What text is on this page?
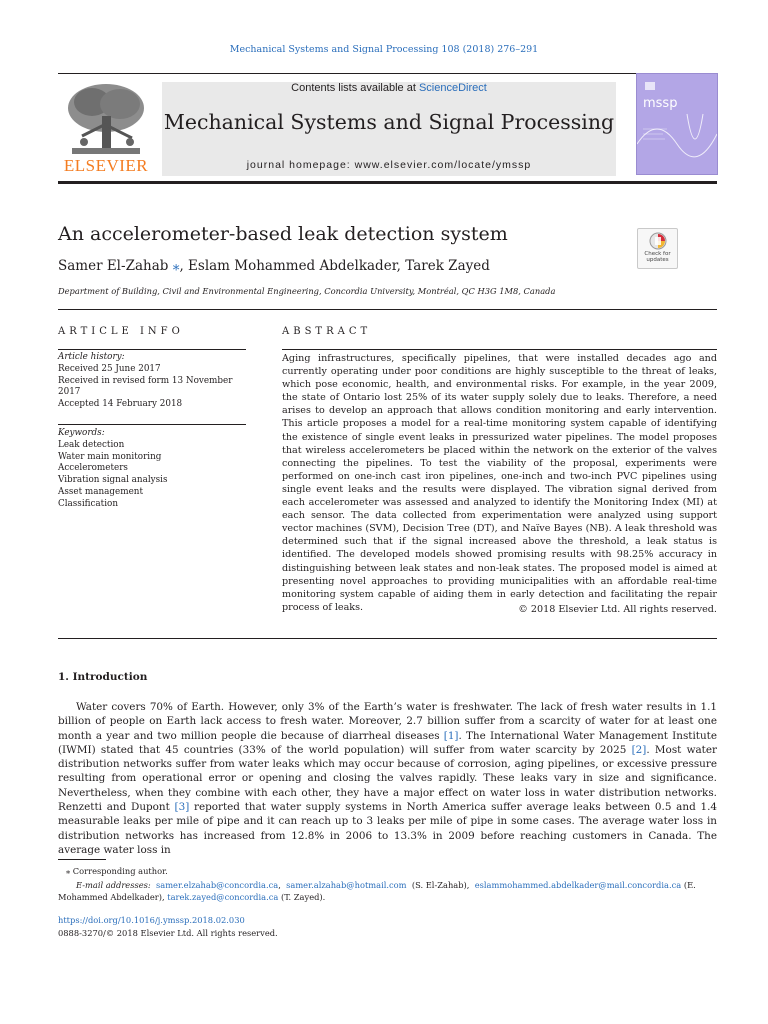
Mechanical Systems and Signal Processing 108 (2018) 276–291
ELSEVIER
Contents lists available at ScienceDirect
Mechanical Systems and Signal Processing
journal homepage: www.elsevier.com/locate/ymssp
mssp
An accelerometer-based leak detection system
Check for updates
Samer El-Zahab ⁎, Eslam Mohammed Abdelkader, Tarek Zayed
Department of Building, Civil and Environmental Engineering, Concordia University, Montréal, QC H3G 1M8, Canada
ARTICLE INFO
Article history:
Received 25 June 2017
Received in revised form 13 November 2017
Accepted 14 February 2018
Keywords:
Leak detection
Water main monitoring
Accelerometers
Vibration signal analysis
Asset management
Classification
ABSTRACT
Aging infrastructures, specifically pipelines, that were installed decades ago and currently operating under poor conditions are highly susceptible to the threat of leaks, which pose economic, health, and environmental risks. For example, in the year 2009, the state of Ontario lost 25% of its water supply solely due to leaks. Therefore, a need arises to develop an approach that allows condition monitoring and early intervention. This article proposes a model for a real-time monitoring system capable of identifying the existence of single event leaks in pressurized water pipelines. The model proposes that wireless accelerometers be placed within the network on the exterior of the valves connecting the pipelines. To test the viability of the proposal, experiments were performed on one-inch cast iron pipelines, one-inch and two-inch PVC pipelines using single event leaks and the results were displayed. The vibration signal derived from each accelerometer was assessed and analyzed to identify the Monitoring Index (MI) at each sensor. The data collected from experimentation were analyzed using support vector machines (SVM), Decision Tree (DT), and Naïve Bayes (NB). A leak threshold was determined such that if the signal increased above the threshold, a leak status is identified. The developed models showed promising results with 98.25% accuracy in distinguishing between leak states and non-leak states. The proposed model is aimed at presenting novel approaches to providing municipalities with an affordable real-time monitoring system capable of aiding them in early detection and facilitating the repair process of leaks.	© 2018 Elsevier Ltd. All rights reserved.
1. Introduction
Water covers 70% of Earth. However, only 3% of the Earth’s water is freshwater. The lack of fresh water results in 1.1 billion of people on Earth lack access to fresh water. Moreover, 2.7 billion suffer from a scarcity of water for at least one month a year and two million people die because of diarrheal diseases [1]. The International Water Management Institute (IWMI) stated that 45 countries (33% of the world population) will suffer from water scarcity by 2025 [2]. Most water distribution networks suffer from water leaks which may occur because of corrosion, aging pipelines, or excessive pressure resulting from operational error or opening and closing the valves rapidly. These leaks vary in size and significance. Nevertheless, when they combine with each other, they have a major effect on water loss in water distribution networks. Renzetti and Dupont [3] reported that water supply systems in North America suffer average leaks between 0.5 and 1.4 measurable leaks per mile of pipe and it can reach up to 3 leaks per mile of pipe in some cases. The average water loss in distribution networks has increased from 12.8% in 2006 to 13.3% in 2009 before reaching customers in Canada. The average water loss in
⁎ Corresponding author.
E-mail addresses: samer.elzahab@concordia.ca, samer.alzahab@hotmail.com (S. El-Zahab), eslammohammed.abdelkader@mail.concordia.ca (E. Mohammed Abdelkader), tarek.zayed@concordia.ca (T. Zayed).
https://doi.org/10.1016/j.ymssp.2018.02.030
0888-3270/© 2018 Elsevier Ltd. All rights reserved.
